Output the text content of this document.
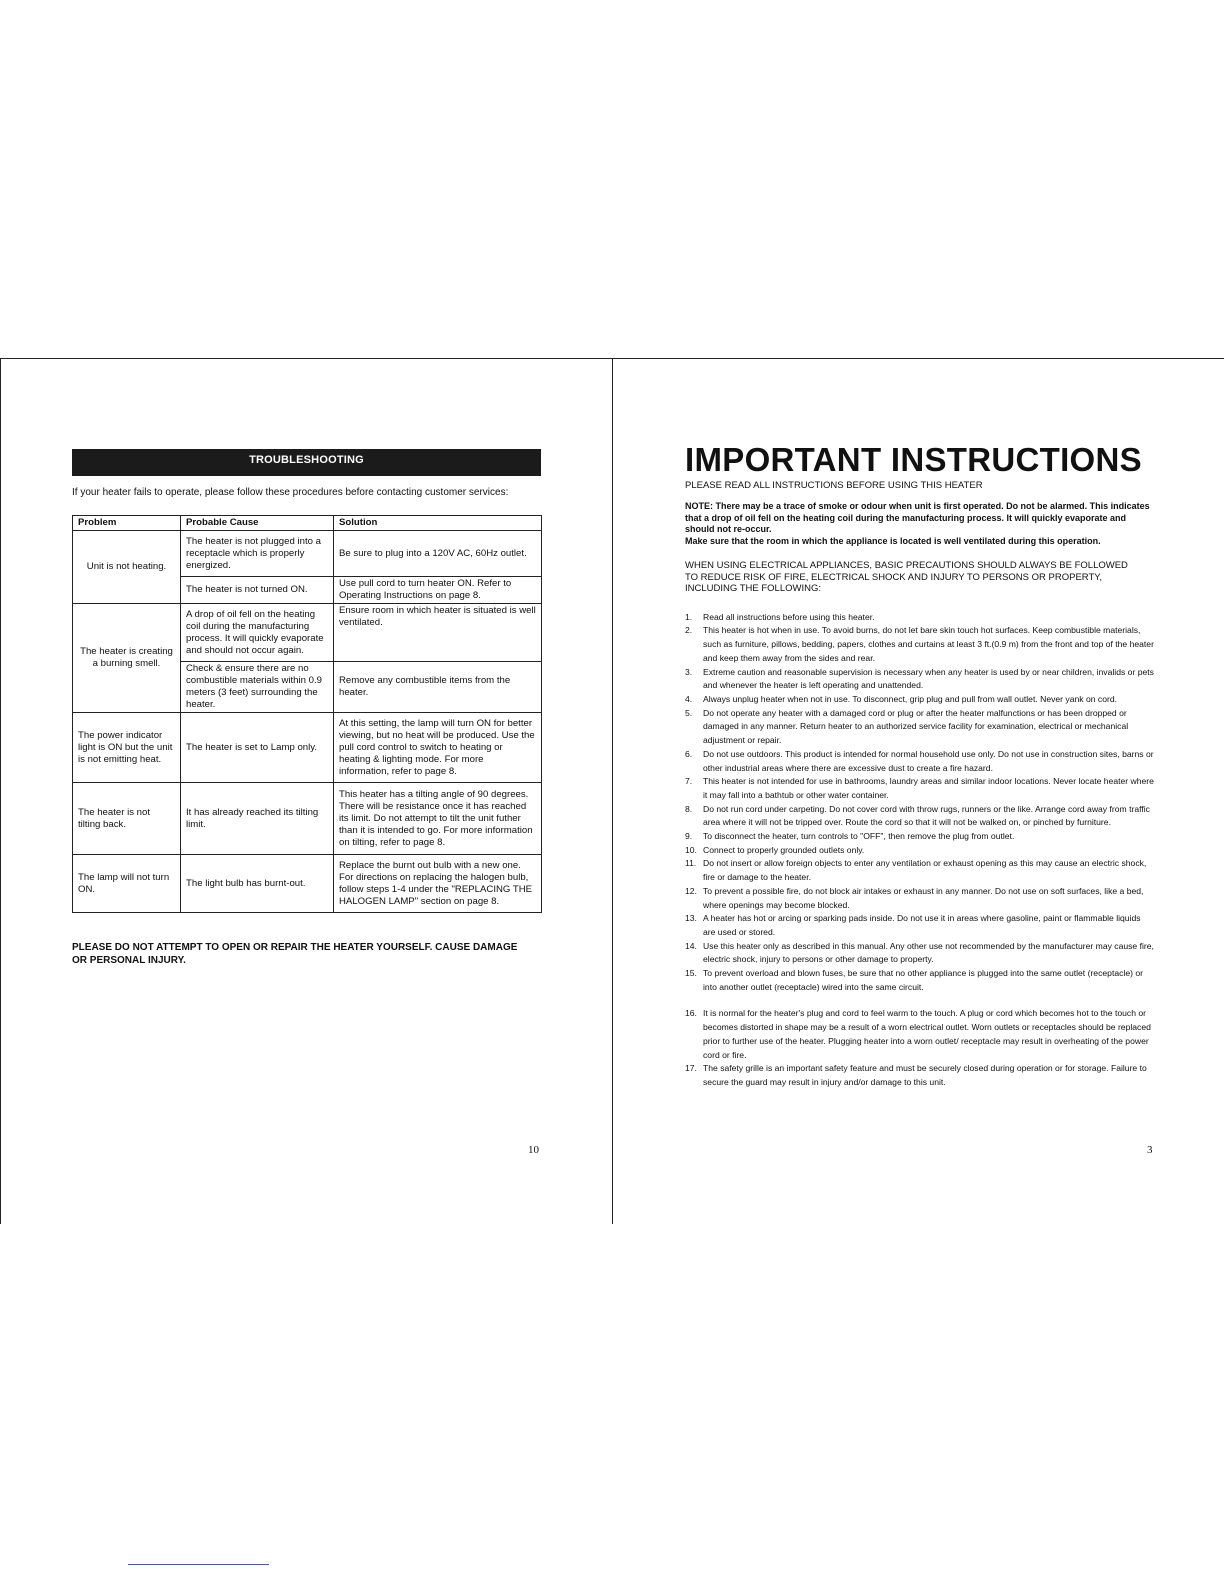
TROUBLESHOOTING
If your heater fails to operate, please follow these procedures before contacting customer services:
Problem	Probable Cause	Solution
Unit is not heating.	The heater is not plugged into a receptacle which is properly energized.	Be sure to plug into a 120V AC, 60Hz outlet.
	The heater is not turned ON.	Use pull cord to turn heater ON. Refer to Operating Instructions on page 8.
The heater is creating a burning smell.	A drop of oil fell on the heating coil during the manufacturing process. It will quickly evaporate and should not occur again.	Ensure room in which heater is situated is well ventilated.
	Check & ensure there are no combustible materials within 0.9 meters (3 feet) surrounding the heater.	Remove any combustible items from the heater.
The power indicator light is ON but the unit is not emitting heat.	The heater is set to Lamp only.	At this setting, the lamp will turn ON for better viewing, but no heat will be produced. Use the pull cord control to switch to heating or heating & lighting mode. For more information, refer to page 8.
The heater is not tilting back.	It has already reached its tilting limit.	This heater has a tilting angle of 90 degrees. There will be resistance once it has reached its limit. Do not attempt to tilt the unit futher than it is intended to go. For more information on tilting, refer to page 8.
The lamp will not turn ON.	The light bulb has burnt-out.	Replace the burnt out bulb with a new one. For directions on replacing the halogen bulb, follow steps 1-4 under the "REPLACING THE HALOGEN LAMP" section on page 8.
PLEASE DO NOT ATTEMPT TO OPEN OR REPAIR THE HEATER YOURSELF. CAUSE DAMAGE OR PERSONAL INJURY.
10
IMPORTANT INSTRUCTIONS
PLEASE READ ALL INSTRUCTIONS BEFORE USING THIS HEATER
NOTE: There may be a trace of smoke or odour when unit is first operated. Do not be alarmed. This indicates that a drop of oil fell on the heating coil during the manufacturing process. It will quickly evaporate and should not re-occur.
Make sure that the room in which the appliance is located is well ventilated during this operation.
WHEN USING ELECTRICAL APPLIANCES, BASIC PRECAUTIONS SHOULD ALWAYS BE FOLLOWED TO REDUCE RISK OF FIRE, ELECTRICAL SHOCK AND INJURY TO PERSONS OR PROPERTY, INCLUDING THE FOLLOWING:
1. Read all instructions before using this heater.
2. This heater is hot when in use. To avoid burns, do not let bare skin touch hot surfaces. Keep combustible materials, such as furniture, pillows, bedding, papers, clothes and curtains at least 3 ft.(0.9 m) from the front and top of the heater and keep them away from the sides and rear.
3. Extreme caution and reasonable supervision is necessary when any heater is used by or near children, invalids or pets and whenever the heater is left operating and unattended.
4. Always unplug heater when not in use. To disconnect, grip plug and pull from wall outlet. Never yank on cord.
5. Do not operate any heater with a damaged cord or plug or after the heater malfunctions or has been dropped or damaged in any manner. Return heater to an authorized service facility for examination, electrical or mechanical adjustment or repair.
6. Do not use outdoors. This product is intended for normal household use only. Do not use in construction sites, barns or other industrial areas where there are excessive dust to create a fire hazard.
7. This heater is not intended for use in bathrooms, laundry areas and similar indoor locations. Never locate heater where it may fall into a bathtub or other water container.
8. Do not run cord under carpeting. Do not cover cord with throw rugs, runners or the like. Arrange cord away from traffic area where it will not be tripped over. Route the cord so that it will not be walked on, or pinched by furniture.
9. To disconnect the heater, turn controls to "OFF", then remove the plug from outlet.
10. Connect to properly grounded outlets only.
11. Do not insert or allow foreign objects to enter any ventilation or exhaust opening as this may cause an electric shock, fire or damage to the heater.
12. To prevent a possible fire, do not block air intakes or exhaust in any manner. Do not use on soft surfaces, like a bed, where openings may become blocked.
13. A heater has hot or arcing or sparking pads inside. Do not use it in areas where gasoline, paint or flammable liquids are used or stored.
14. Use this heater only as described in this manual. Any other use not recommended by the manufacturer may cause fire, electric shock, injury to persons or other damage to property.
15. To prevent overload and blown fuses, be sure that no other appliance is plugged into the same outlet (receptacle) or into another outlet (receptacle) wired into the same circuit.
16. It is normal for the heater's plug and cord to feel warm to the touch. A plug or cord which becomes hot to the touch or becomes distorted in shape may be a result of a worn electrical outlet. Worn outlets or receptacles should be replaced prior to further use of the heater. Plugging heater into a worn outlet/ receptacle may result in overheating of the power cord or fire.
17. The safety grille is an important safety feature and must be securely closed during operation or for storage. Failure to secure the guard may result in injury and/or damage to this unit.
3
